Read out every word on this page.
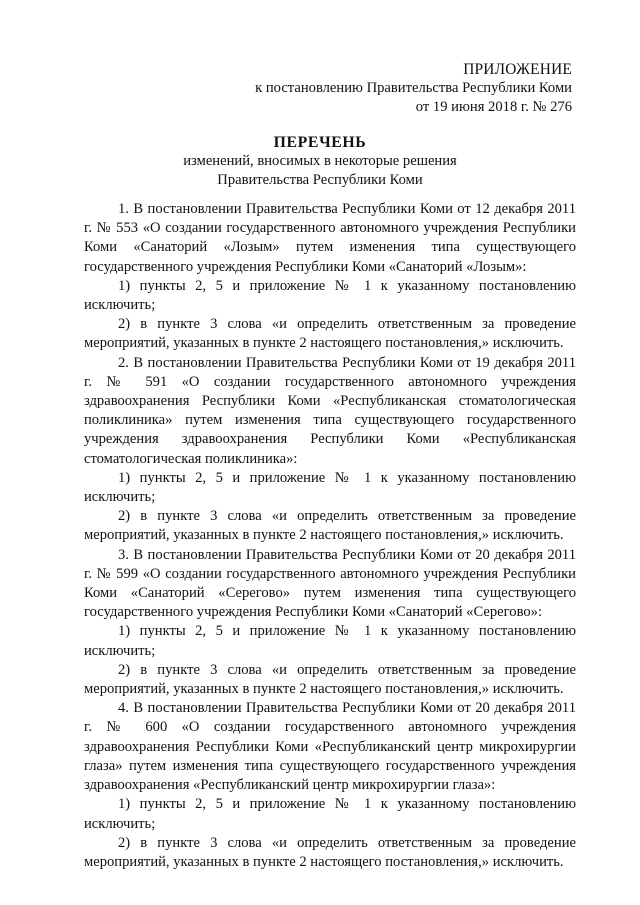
ПРИЛОЖЕНИЕ
к постановлению Правительства Республики Коми
от 19 июня 2018 г. № 276
ПЕРЕЧЕНЬ
изменений, вносимых в некоторые решения
Правительства Республики Коми

1. В постановлении Правительства Республики Коми от 12 декабря 2011 г. № 553 «О создании государственного автономного учреждения Республики Коми «Санаторий «Лозым» путем изменения типа существующего государственного учреждения Республики Коми «Санаторий «Лозым»:

1) пункты 2, 5 и приложение № 1 к указанному постановлению исключить;

2) в пункте 3 слова «и определить ответственным за проведение мероприятий, указанных в пункте 2 настоящего постановления,» исключить.

2. В постановлении Правительства Республики Коми от 19 декабря 2011 г. № 591 «О создании государственного автономного учреждения здравоохранения Республики Коми «Республиканская стоматологическая поликлиника» путем изменения типа существующего государственного учреждения здравоохранения Республики Коми «Республиканская стоматологическая поликлиника»:

1) пункты 2, 5 и приложение № 1 к указанному постановлению исключить;

2) в пункте 3 слова «и определить ответственным за проведение мероприятий, указанных в пункте 2 настоящего постановления,» исключить.

3. В постановлении Правительства Республики Коми от 20 декабря 2011 г. № 599 «О создании государственного автономного учреждения Республики Коми «Санаторий «Серегово» путем изменения типа существующего государственного учреждения Республики Коми «Санаторий «Серегово»:

1) пункты 2, 5 и приложение № 1 к указанному постановлению исключить;

2) в пункте 3 слова «и определить ответственным за проведение мероприятий, указанных в пункте 2 настоящего постановления,» исключить.

4. В постановлении Правительства Республики Коми от 20 декабря 2011 г. № 600 «О создании государственного автономного учреждения здравоохранения Республики Коми «Республиканский центр микрохирургии глаза» путем изменения типа существующего государственного учреждения здравоохранения «Республиканский центр микрохирургии глаза»:

1) пункты 2, 5 и приложение № 1 к указанному постановлению исключить;

2) в пункте 3 слова «и определить ответственным за проведение мероприятий, указанных в пункте 2 настоящего постановления,» исключить.
